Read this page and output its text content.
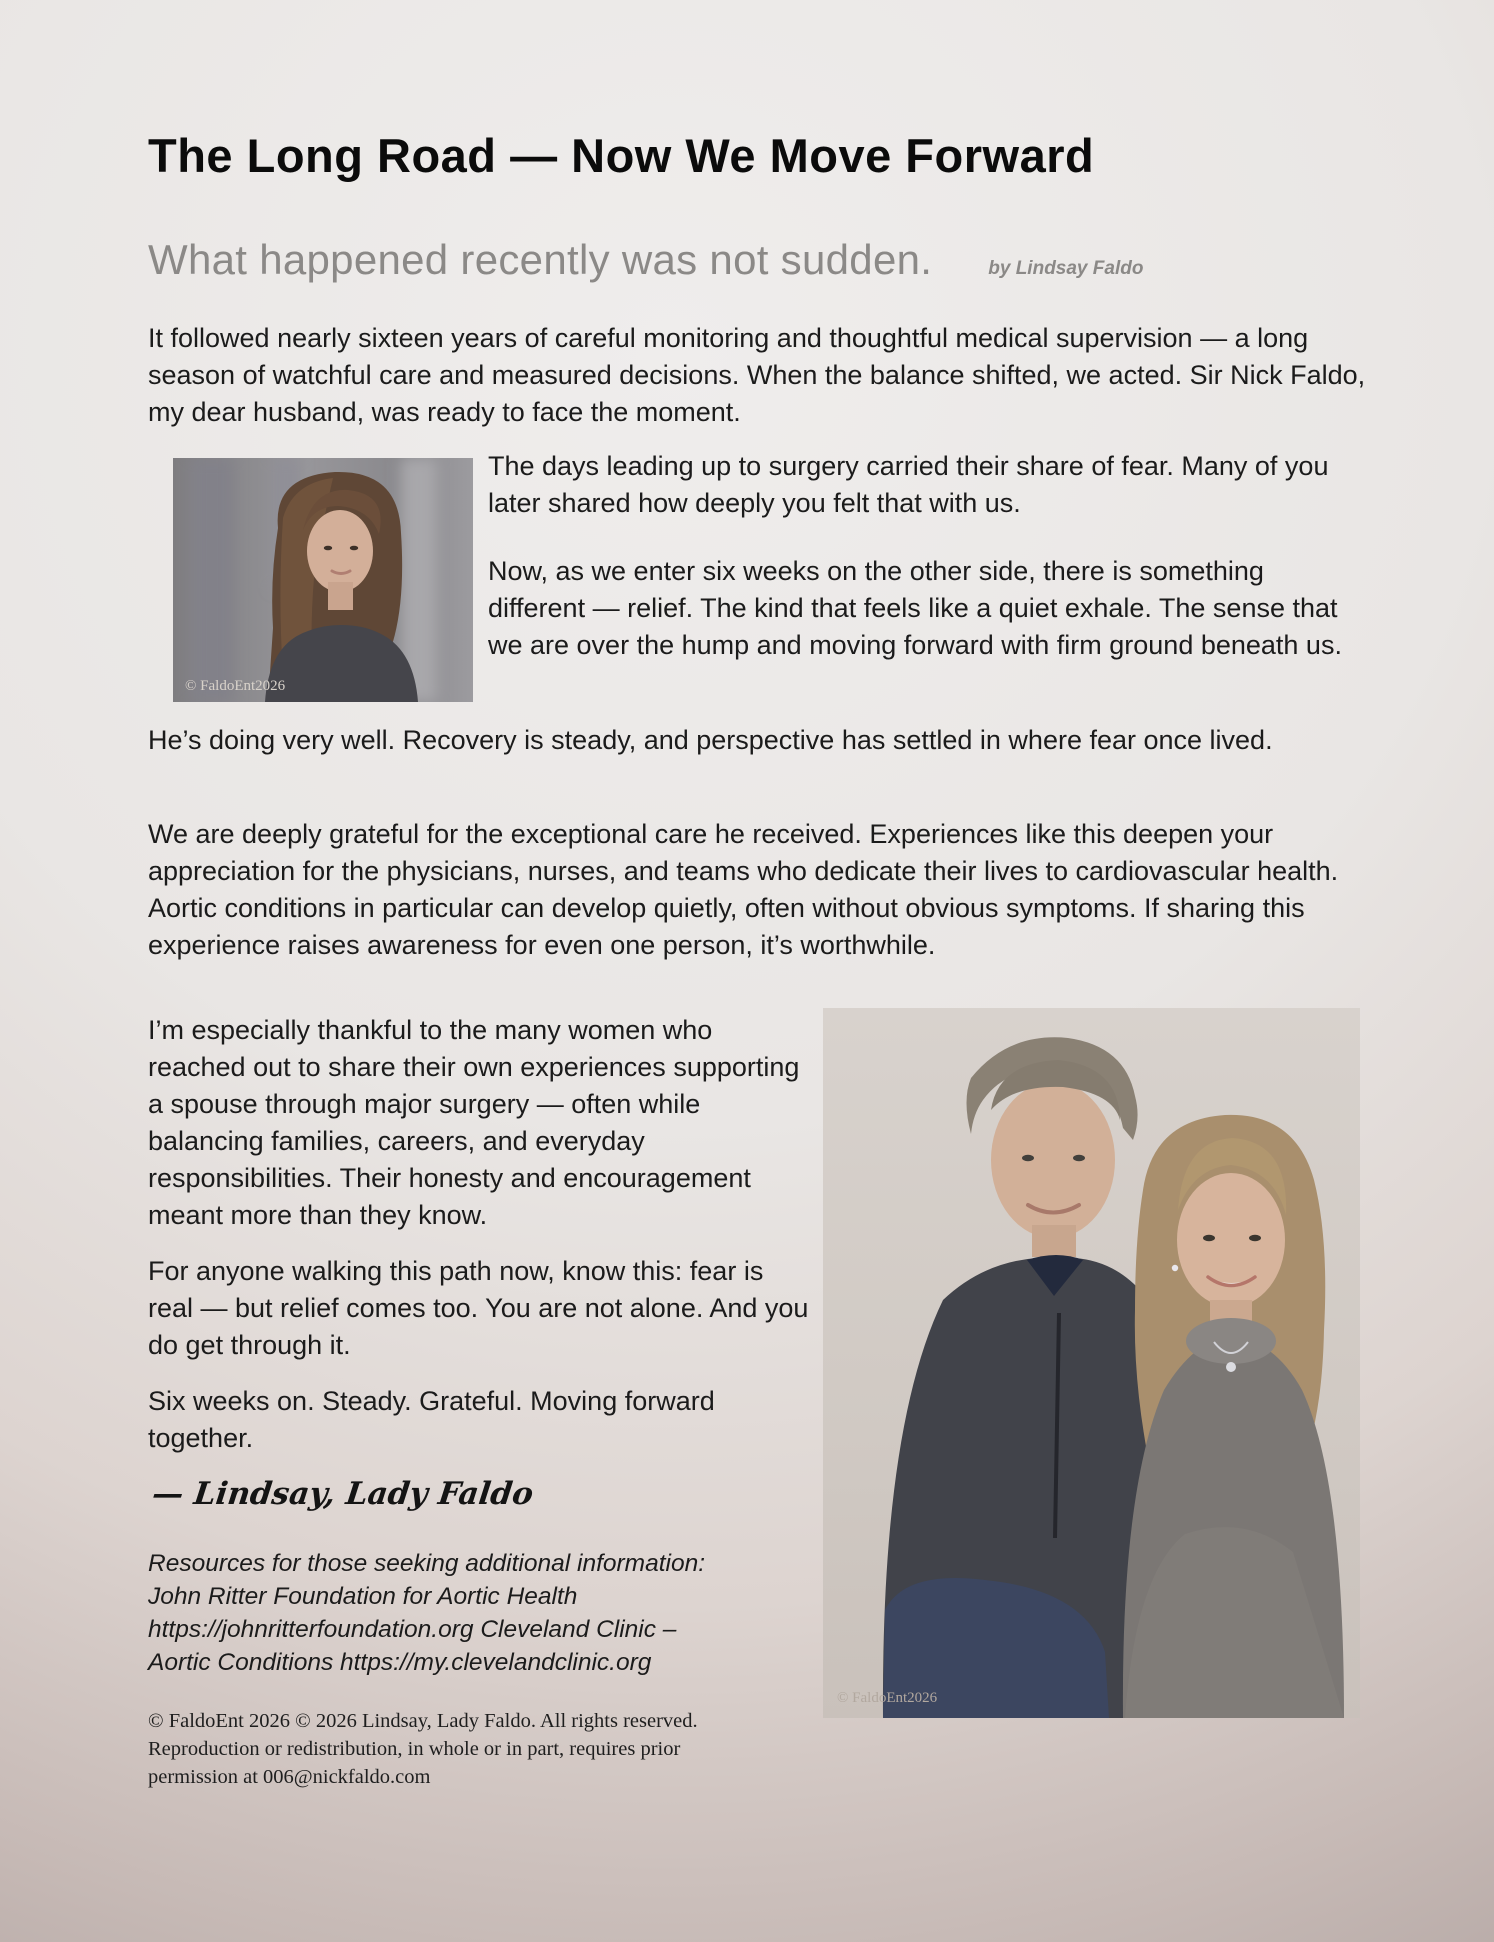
The Long Road — Now We Move Forward
What happened recently was not sudden.	by Lindsay Faldo
It followed nearly sixteen years of careful monitoring and thoughtful medical supervision — a long season of watchful care and measured decisions. When the balance shifted, we acted. Sir Nick Faldo, my dear husband, was ready to face the moment.
© FaldoEnt2026

The days leading up to surgery carried their share of fear. Many of you later shared how deeply you felt that with us.

Now, as we enter six weeks on the other side, there is something different — relief. The kind that feels like a quiet exhale. The sense that we are over the hump and moving forward with firm ground beneath us.

He’s doing very well. Recovery is steady, and perspective has settled in where fear once lived.
We are deeply grateful for the exceptional care he received. Experiences like this deepen your appreciation for the physicians, nurses, and teams who dedicate their lives to cardiovascular health. Aortic conditions in particular can develop quietly, often without obvious symptoms. If sharing this experience raises awareness for even one person, it’s worthwhile.

I’m especially thankful to the many women who reached out to share their own experiences supporting a spouse through major surgery — often while balancing families, careers, and everyday responsibilities. Their honesty and encouragement meant more than they know.

For anyone walking this path now, know this: fear is real — but relief comes too. You are not alone. And you do get through it.

Six weeks on. Steady. Grateful. Moving forward together.

— Lindsay, Lady Faldo
Resources for those seeking additional information: John Ritter Foundation for Aortic Health https://johnritterfoundation.org Cleveland Clinic – Aortic Conditions https://my.clevelandclinic.org
© FaldoEnt 2026 © 2026 Lindsay, Lady Faldo. All rights reserved. Reproduction or redistribution, in whole or in part, requires prior permission at 006@nickfaldo.com
© FaldoEnt2026
